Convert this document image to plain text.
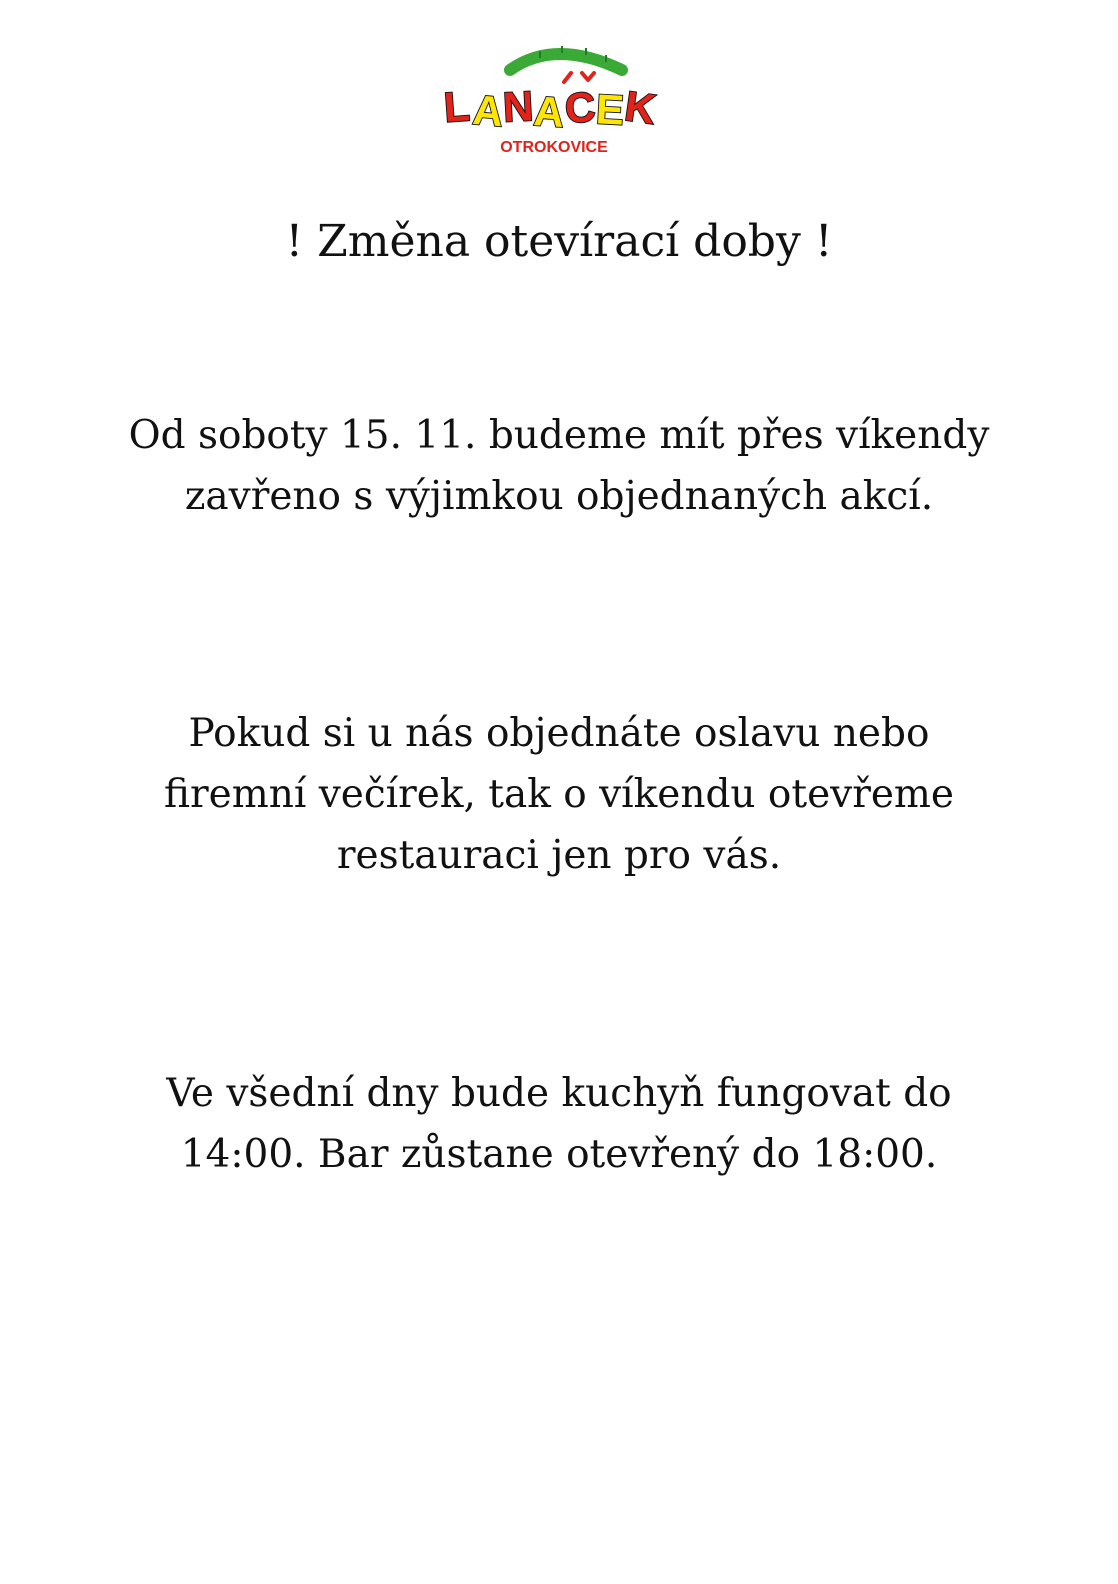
L A
N
A
C
E
K
OTROKOVICE
! Změna otevírací doby !
Od soboty 15. 11. budeme mít přes víkendy
zavřeno s výjimkou objednaných akcí.
Pokud si u nás objednáte oslavu nebo
firemní večírek, tak o víkendu otevřeme
restauraci jen pro vás.
Ve všední dny bude kuchyň fungovat do
14:00. Bar zůstane otevřený do 18:00.
